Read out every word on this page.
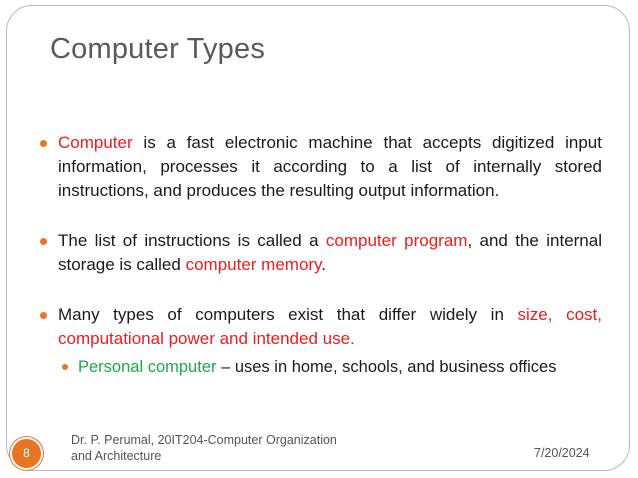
Computer Types
Computer is a fast electronic machine that accepts digitized input information, processes it according to a list of internally stored instructions, and produces the resulting output information.
The list of instructions is called a computer program, and the internal storage is called computer memory.
Many types of computers exist that differ widely in size, cost, computational power and intended use.
Personal computer – uses in home, schools, and business offices
8
Dr. P. Perumal, 20IT204-Computer Organization and Architecture	7/20/2024
